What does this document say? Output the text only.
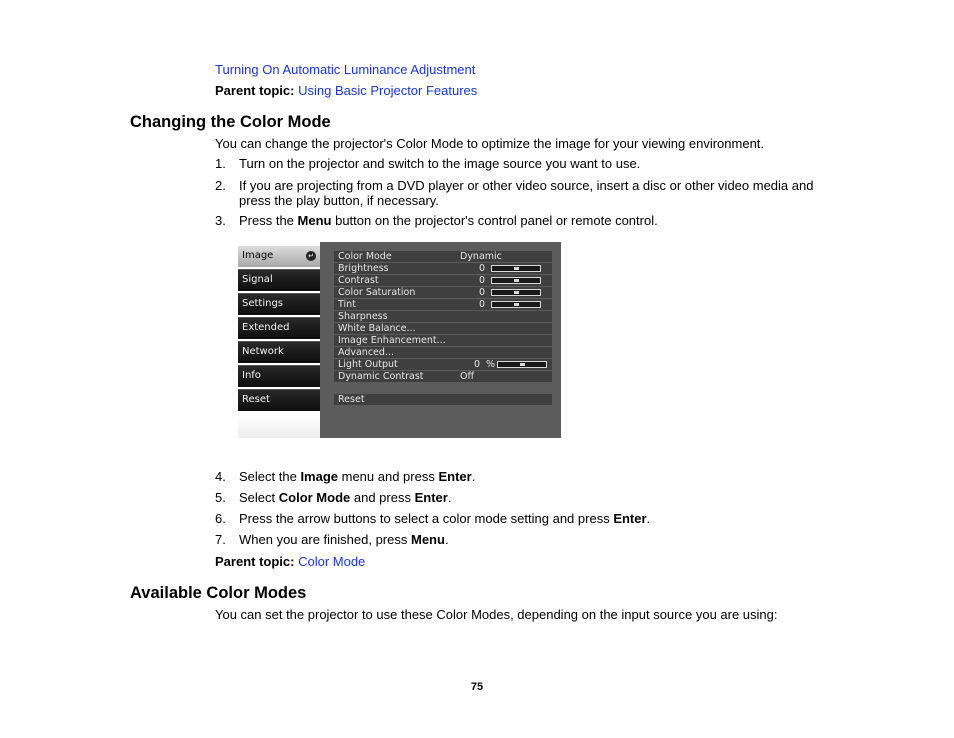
Turning On Automatic Luminance Adjustment
Parent topic: Using Basic Projector Features
Changing the Color Mode
You can change the projector's Color Mode to optimize the image for your viewing environment.
1. Turn on the projector and switch to the image source you want to use.
2. If you are projecting from a DVD player or other video source, insert a disc or other video media and press the play button, if necessary.
3. Press the Menu button on the projector's control panel or remote control.
Image	↵
Signal
Settings
Extended
Network
Info
Reset
Color Mode	Dynamic
Brightness	0
Contrast	0
Color Saturation	0
Tint	0
Sharpness
White Balance...
Image Enhancement...
Advanced...
Light Output	0 %
Dynamic Contrast	Off
Reset
4. Select the Image menu and press Enter.
5. Select Color Mode and press Enter.
6. Press the arrow buttons to select a color mode setting and press Enter.
7. When you are finished, press Menu.
Parent topic: Color Mode
Available Color Modes
You can set the projector to use these Color Modes, depending on the input source you are using:
75
